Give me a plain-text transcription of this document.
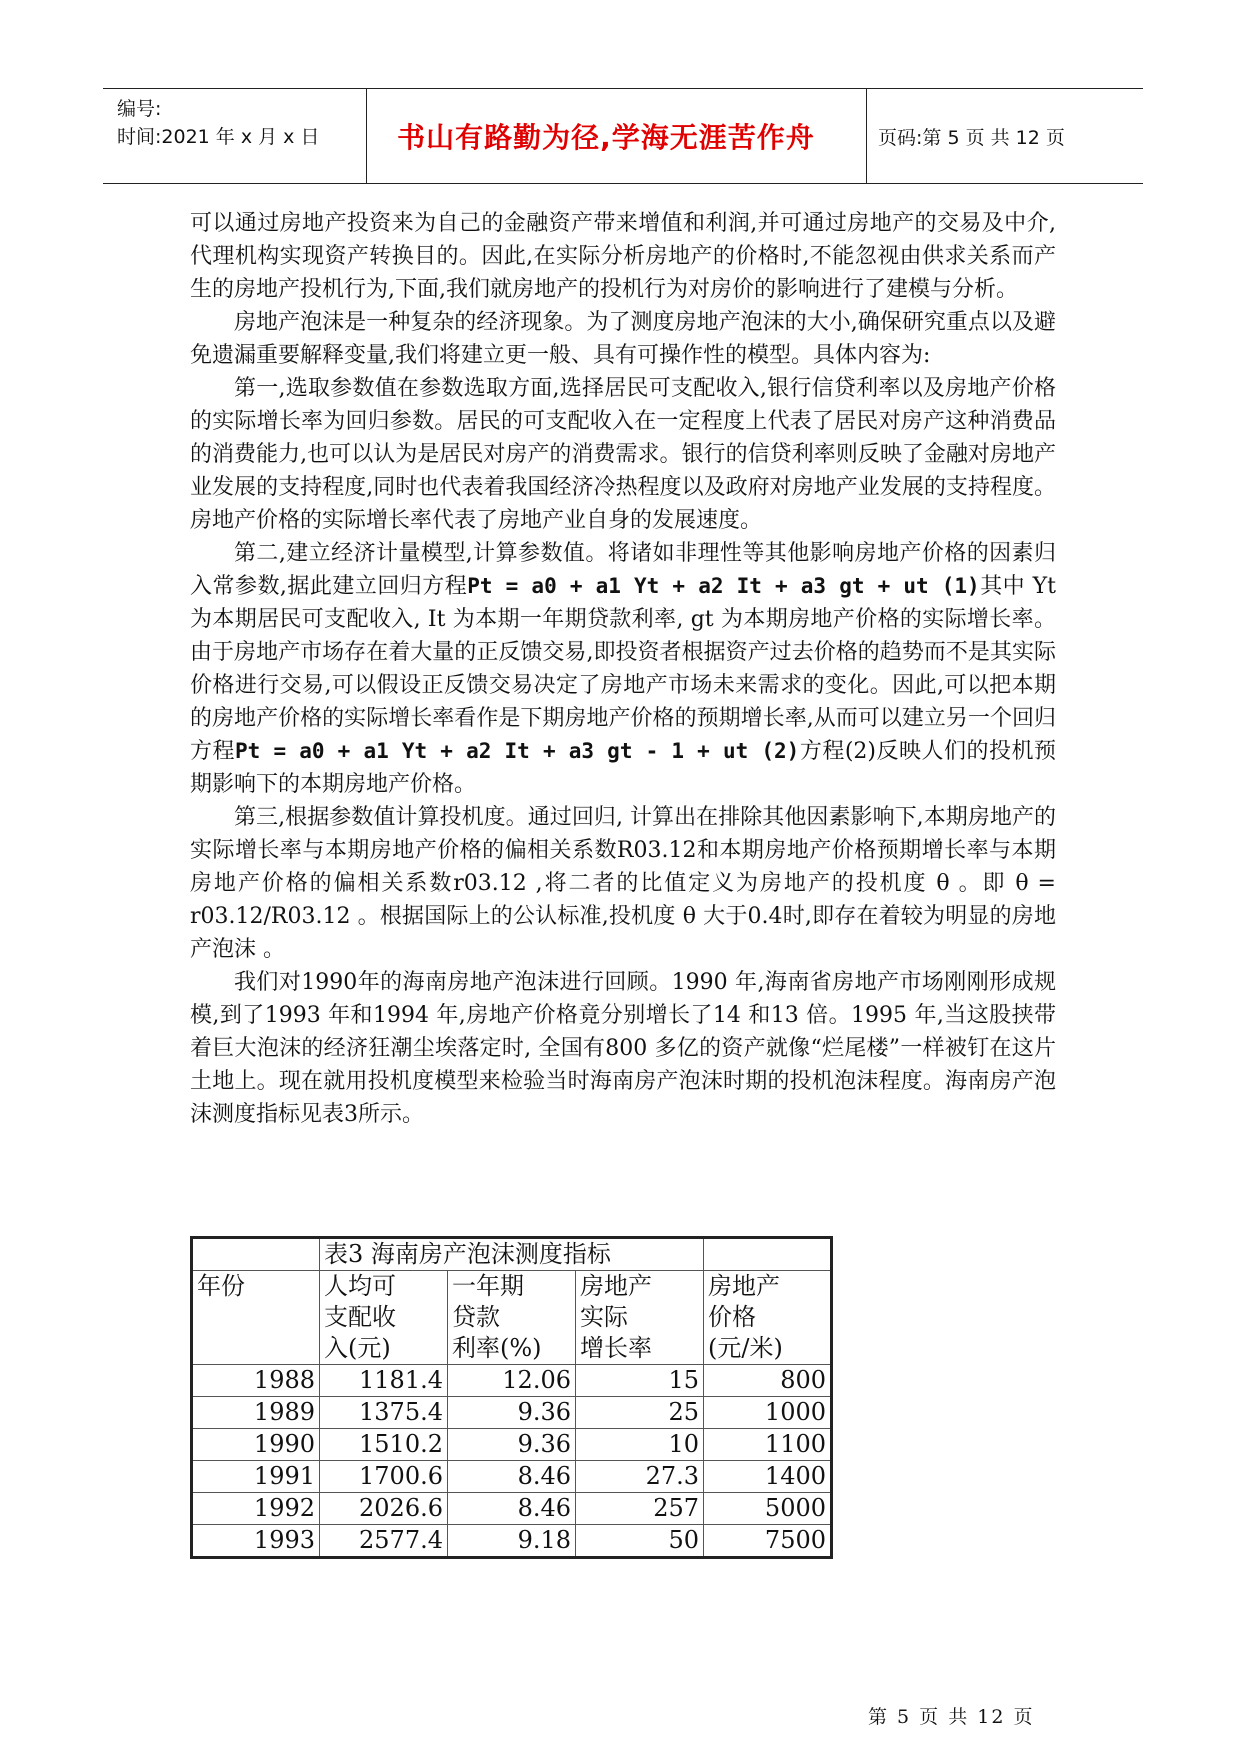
编号:
时间:2021 年 x 月 x 日	书山有路勤为径,学海无涯苦作舟	页码:第 5 页 共 12 页

可以通过房地产投资来为自己的金融资产带来增值和利润,并可通过房地产的交易及中介,代理机构实现资产转换目的。因此,在实际分析房地产的价格时,不能忽视由供求关系而产生的房地产投机行为,下面,我们就房地产的投机行为对房价的影响进行了建模与分析。

房地产泡沫是一种复杂的经济现象。为了测度房地产泡沫的大小,确保研究重点以及避免遗漏重要解释变量,我们将建立更一般、具有可操作性的模型。具体内容为:

第一,选取参数值在参数选取方面,选择居民可支配收入,银行信贷利率以及房地产价格的实际增长率为回归参数。居民的可支配收入在一定程度上代表了居民对房产这种消费品的消费能力,也可以认为是居民对房产的消费需求。银行的信贷利率则反映了金融对房地产业发展的支持程度,同时也代表着我国经济冷热程度以及政府对房地产业发展的支持程度。房地产价格的实际增长率代表了房地产业自身的发展速度。

第二,建立经济计量模型,计算参数值。将诸如非理性等其他影响房地产价格的因素归入常参数,据此建立回归方程Pt = a0 + a1 Yt + a2 It + a3 gt + ut (1)其中 Yt 为本期居民可支配收入, It 为本期一年期贷款利率, gt 为本期房地产价格的实际增长率。由于房地产市场存在着大量的正反馈交易,即投资者根据资产过去价格的趋势而不是其实际价格进行交易,可以假设正反馈交易决定了房地产市场未来需求的变化。因此,可以把本期的房地产价格的实际增长率看作是下期房地产价格的预期增长率,从而可以建立另一个回归方程Pt = a0 + a1 Yt + a2 It + a3 gt - 1 + ut (2)方程(2)反映人们的投机预期影响下的本期房地产价格。

第三,根据参数值计算投机度。通过回归, 计算出在排除其他因素影响下,本期房地产的实际增长率与本期房地产价格的偏相关系数R03.12和本期房地产价格预期增长率与本期房地产价格的偏相关系数r03.12 ,将二者的比值定义为房地产的投机度 θ 。即 θ = r03.12/R03.12 。根据国际上的公认标准,投机度 θ 大于0.4时,即存在着较为明显的房地产泡沫 。

我们对1990年的海南房地产泡沫进行回顾。1990 年,海南省房地产市场刚刚形成规模,到了1993 年和1994 年,房地产价格竟分别增长了14 和13 倍。1995 年,当这股挟带着巨大泡沫的经济狂潮尘埃落定时, 全国有800 多亿的资产就像“烂尾楼”一样被钉在这片土地上。现在就用投机度模型来检验当时海南房产泡沫时期的投机泡沫程度。海南房产泡沫测度指标见表3所示。

	表3 海南房产泡沫测度指标			
年份	人均可	一年期	房地产	房地产
	支配收	贷款	实际	价格
	入(元)	利率(%)	增长率	(元/米)
1988	1181.4	12.06	15	800
1989	1375.4	9.36	25	1000
1990	1510.2	9.36	10	1100
1991	1700.6	8.46	27.3	1400
1992	2026.6	8.46	257	5000
1993	2577.4	9.18	50	7500
第 5 页 共 12 页
